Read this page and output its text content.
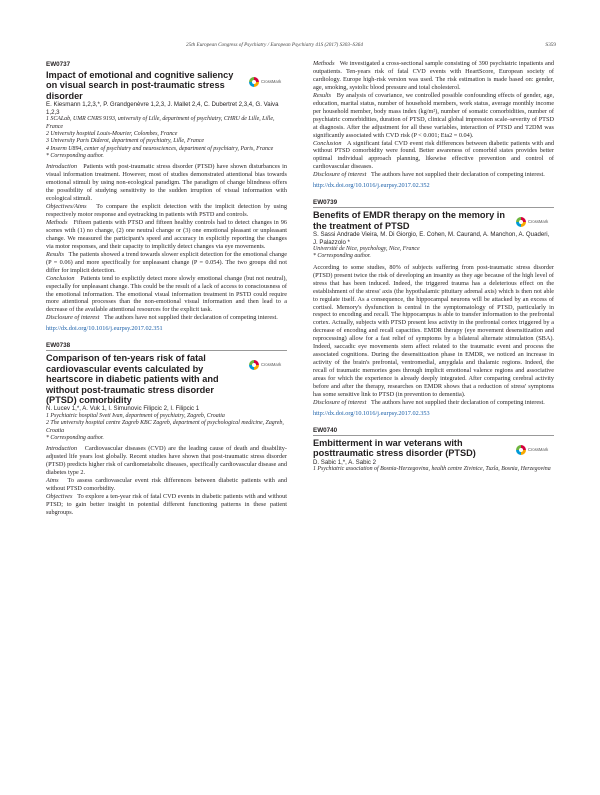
25th European Congress of Psychiatry / European Psychiatry 41S (2017) S303–S364	S359
EW0737
Impact of emotional and cognitive saliency on visual search in post-traumatic stress disorder
CrossMark
E. Kiesmann 1,2,3,*, P. Grandgenèvre 1,2,3, J. Mallet 2,4, C. Dubertret 2,3,4, G. Vaiva 1,2,3
1 SCALab, UMR CNRS 9193, university of Lille, department of psychiatry, CHRU de Lille, Lille, France
2 University hospital Louis-Mourier, Colombes, France
3 University Paris Diderot, department of psychiatry, Lille, France
4 Inserm U894, center of psychiatry and neurosciences, department of psychiatry, Paris, France
* Corresponding author.
Introduction Patients with post-traumatic stress disorder (PTSD) have shown disturbances in visual information treatment. However, most of studies demonstrated attentional bias towards emotional stimuli by using non-ecological paradigm. The paradigm of change blindness offers the possibility of studying sensitivity to the sudden irruption of visual information with ecological stimuli.
Objectives/Aims To compare the explicit detection with the implicit detection by using respectively motor response and eyetracking in patients with PSTD and controls.
Methods Fifteen patients with PTSD and fifteen healthy controls had to detect changes in 96 scenes with (1) no change, (2) one neutral change or (3) one emotional pleasant or unpleasant change. We measured the participant's speed and accuracy in explicitly reporting the changes via motor responses, and their capacity to implicitly detect changes via eye movements.
Results The patients showed a trend towards slower explicit detection for the emotional change (P = 0.06) and more specifically for unpleasant change (P = 0.054). The two groups did not differ for implicit detection.
Conclusion Patients tend to explicitly detect more slowly emotional change (but not neutral), especially for unpleasant change. This could be the result of a lack of access to consciousness of the emotional information. The emotional visual information treatment in PSTD could require more attentional processes than the non-emotional visual information and then lead to a decrease of the available attentional resources for the explicit task.
Disclosure of interest The authors have not supplied their declaration of competing interest.
http://dx.doi.org/10.1016/j.eurpsy.2017.02.351
EW0738
Comparison of ten-years risk of fatal cardiovascular events calculated by heartscore in diabetic patients with and without post-traumatic stress disorder (PTSD) comorbidity
CrossMark
N. Lucev 1,*, A. Vuk 1, I. Simunovic Filipcic 2, I. Filipcic 1
1 Psychiatric hospital Sveti Ivan, department of psychiatry, Zagreb, Croatia
2 The university hospital centre Zagreb KBC Zagreb, department of psychological medicine, Zagreb, Croatia
* Corresponding author.
Introduction Cardiovascular diseases (CVD) are the leading cause of death and disability-adjusted life years lost globally. Recent studies have shown that post-traumatic stress disorder (PTSD) predicts higher risk of cardiometabolic diseases, specifically cardiovascular disease and diabetes type 2.
Aims To assess cardiovascular event risk differences between diabetic patients with and without PTSD comorbidity.
Objectives To explore a ten-year risk of fatal CVD events in diabetic patients with and without PTSD; to gain better insight in potential different functioning patterns in these patient subgroups.
Methods We investigated a cross-sectional sample consisting of 390 psychiatric inpatients and outpatients. Ten-years risk of fatal CVD events with HeartScore, European society of cardiology. Europe high-risk version was used. The risk estimation is made based on: gender, age, smoking, systolic blood pressure and total cholesterol.
Results By analysis of covariance, we controlled possible confounding effects of gender, age, education, marital status, number of household members, work status, average monthly income per household member, body mass index (kg/m²), number of somatic comorbidities, number of psychiatric comorbidities, duration of PTSD, clinical global impression scale–severity of PTSD at diagnosis. After the adjustment for all these variables, interaction of PTSD and T2DM was significantly associated with CVD risk (P < 0.001; Eta2 = 0.04).
Conclusion A significant fatal CVD event risk differences between diabetic patients with and without PTSD comorbidity were found. Better awareness of comorbid states provides better optimal individual approach planning, likewise effective prevention and control of cardiovascular diseases.
Disclosure of interest The authors have not supplied their declaration of competing interest.
http://dx.doi.org/10.1016/j.eurpsy.2017.02.352
EW0739
Benefits of EMDR therapy on the memory in the treatment of PTSD	CrossMark
S. Sassi Andrade Vieira, M. Di Giorgio, E. Cohen, M. Caurand, A. Manchon, A. Quaderi, J. Palazzolo *
Université de Nice, psychology, Nice, France
* Corresponding author.
According to some studies, 80% of subjects suffering from post-traumatic stress disorder (PTSD) present twice the risk of developing an insanity as they age because of the high level of stress that has been induced. Indeed, the triggered trauma has a deleterious effect on the establishment of the stress' axis (the hypothalamic pituitary adrenal axis) which is then not able to regulate itself. As a consequence, the hippocampal neurons will be attacked by an excess of cortisol. Memory's dysfunction is central in the symptomatology of PTSD, particularly in respect to encoding and recall. The hippocampus is able to transfer information to the prefrontal cortex. Actually, subjects with PTSD present less activity in the prefrontal cortex triggered by a decrease of encoding and recall capacities. EMDR therapy (eye movement desensitization and reprocessing) allow for a fast relief of symptoms by a bilateral alternate stimulation (SBA). Indeed, saccadic eye movements stem affect related to the traumatic event and process the associated cognitions. During the desensitization phase in EMDR, we noticed an increase in activity of the brain's prefrontal, ventromedial, amygdala and thalamic regions. Indeed, the recall of traumatic memories goes through implicit emotional valence regions and associative areas for which the experience is already deeply integrated. After comparing cerebral activity before and after the therapy, researches on EMDR shows that a reduction of stress' symptoms has some sensitive link to PTSD (in prevention to dementia).
Disclosure of interest The authors have not supplied their declaration of competing interest.
http://dx.doi.org/10.1016/j.eurpsy.2017.02.353
EW0740
Embitterment in war veterans with posttraumatic stress disorder (PTSD)	CrossMark
D. Sabic 1,*, A. Sabic 2
1 Psychiatric association of Bosnia-Herzegovina, health centre Zivinice, Tuzla, Bosnia, Herzegovina
